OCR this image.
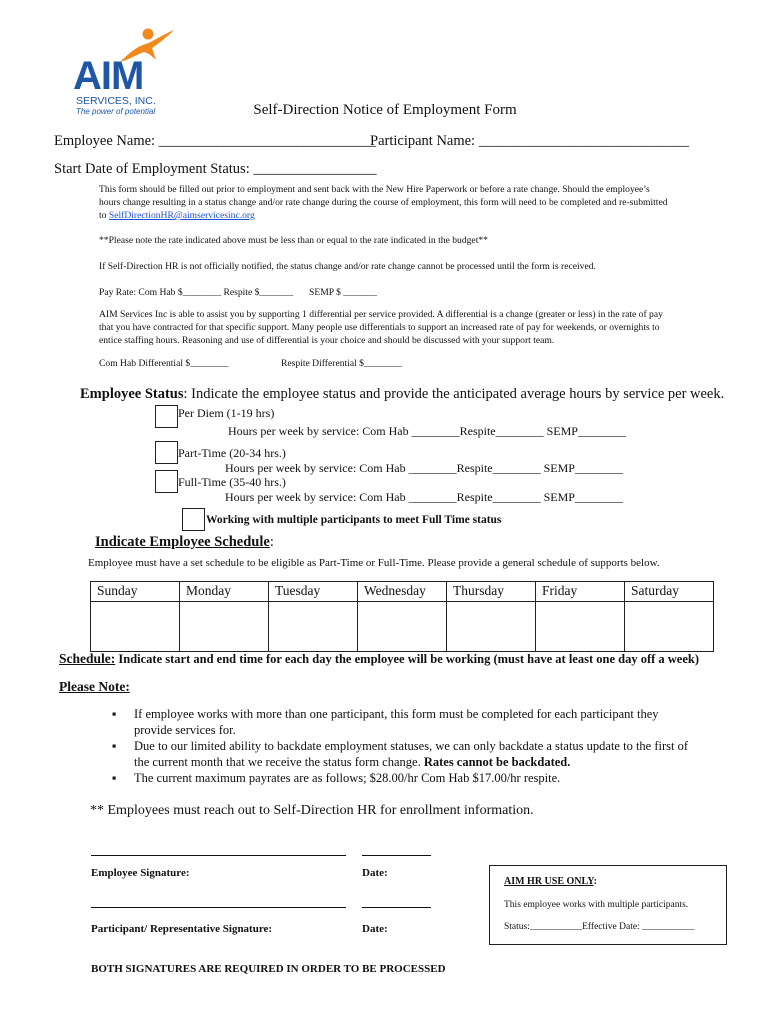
AIM
SERVICES, INC.
The power of potential	Self-Direction Notice of Employment Form
Employee Name: ______________________________
Participant Name: _____________________________
Start Date of Employment Status: _________________
This form should be filled out prior to employment and sent back with the New Hire Paperwork or before a rate change. Should the employee’s hours change resulting in a status change and/or rate change during the course of employment, this form will need to be completed and re-submitted to SelfDirectionHR@aimservicesinc.org
**Please note the rate indicated above must be less than or equal to the rate indicated in the budget**
If Self-Direction HR is not officially notified, the status change and/or rate change cannot be processed until the form is received.
Pay Rate: Com Hab $________ Respite $_______ SEMP $ _______
AIM Services Inc is able to assist you by supporting 1 differential per service provided. A differential is a change (greater or less) in the rate of pay that you have contracted for that specific support. Many people use differentials to support an increased rate of pay for weekends, or overnights to entice staffing hours. Reasoning and use of differential is your choice and should be discussed with your support team.
Com Hab Differential $________	Respite Differential $________
Employee Status: Indicate the employee status and provide the anticipated average hours by service per week.
Per Diem (1-19 hrs)
Hours per week by service: Com Hab ________Respite________ SEMP________
Part-Time (20-34 hrs.)
Hours per week by service: Com Hab ________Respite________ SEMP________
Full-Time (35-40 hrs.)
Hours per week by service: Com Hab ________Respite________ SEMP________
Working with multiple participants to meet Full Time status
Indicate Employee Schedule:
Employee must have a set schedule to be eligible as Part-Time or Full-Time. Please provide a general schedule of supports below.
Sunday	Monday	Tuesday	Wednesday	Thursday	Friday	Saturday

Schedule: Indicate start and end time for each day the employee will be working (must have at least one day off a week)
Please Note:
▪ If employee works with more than one participant, this form must be completed for each participant they provide services for.
▪ Due to our limited ability to backdate employment statuses, we can only backdate a status update to the first of the current month that we receive the status form change. Rates cannot be backdated.
▪ The current maximum payrates are as follows; $28.00/hr Com Hab $17.00/hr respite.
** Employees must reach out to Self-Direction HR for enrollment information.
Employee Signature:	Date:
Participant/ Representative Signature:	Date:
AIM HR USE ONLY:
This employee works with multiple participants.
Status:___________Effective Date: ___________
BOTH SIGNATURES ARE REQUIRED IN ORDER TO BE PROCESSED
